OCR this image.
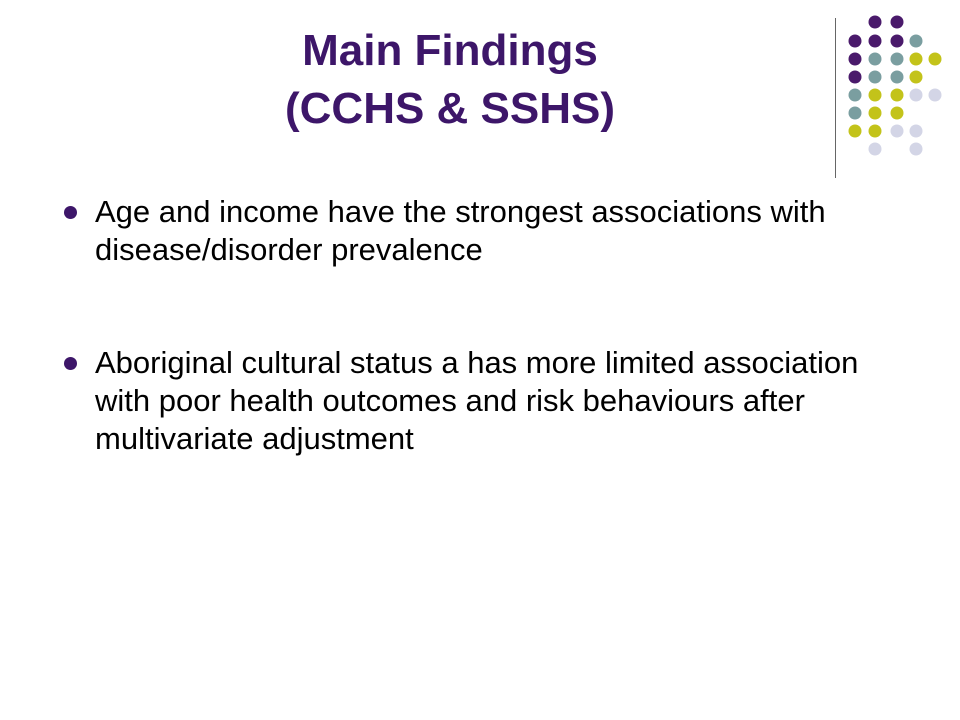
Main Findings
(CCHS & SSHS)
Age and income have the strongest associations with disease/disorder prevalence
Aboriginal cultural status a has more limited association with poor health outcomes and risk behaviours after multivariate adjustment
